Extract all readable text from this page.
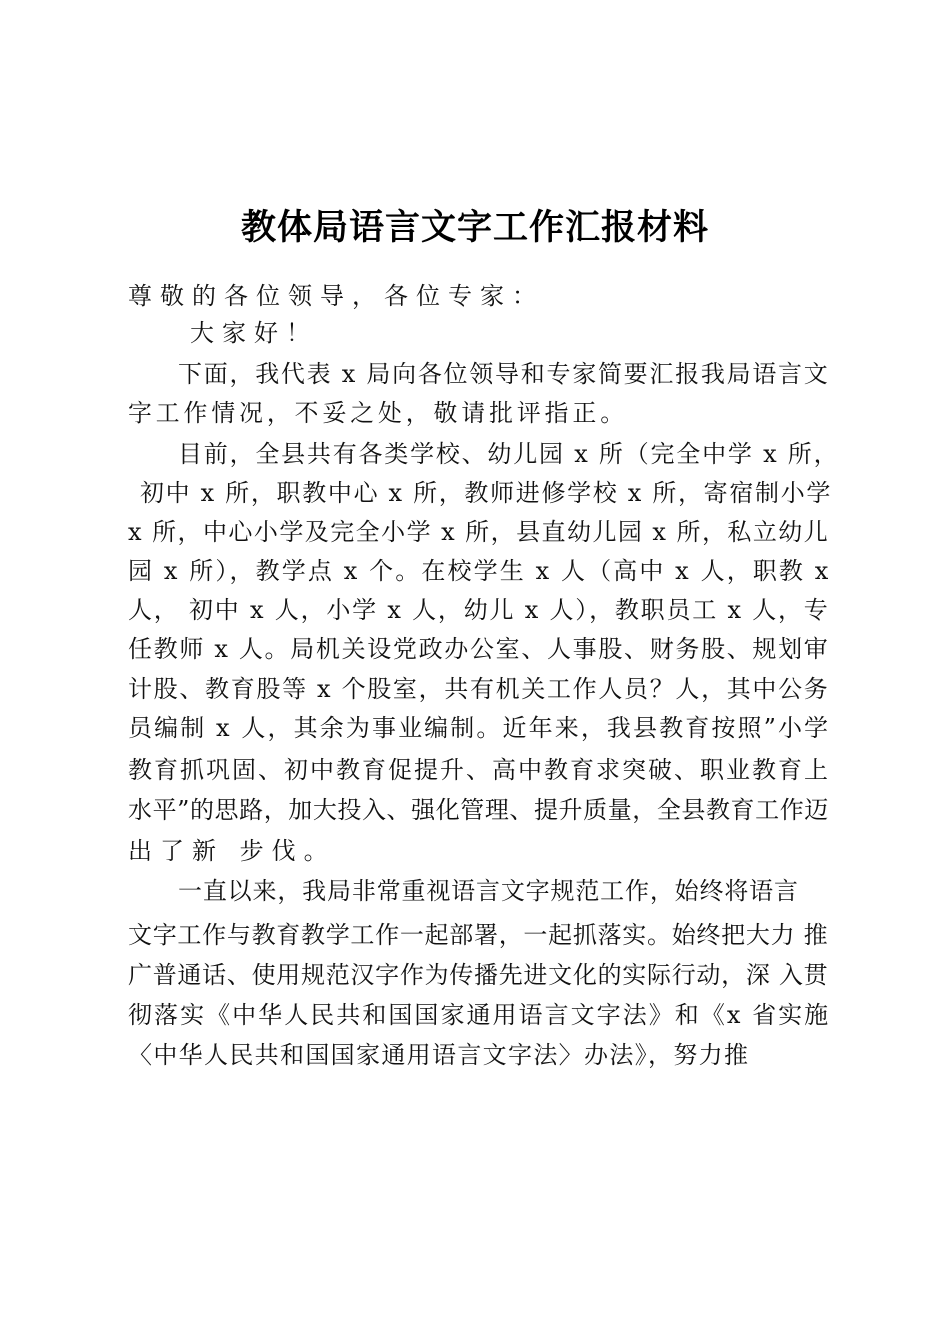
教体局语言文字工作汇报材料
尊敬的各位领导，各位专家：
大家好！
下面，我代表 x 局向各位领导和专家简要汇报我局语言文
字工作情况，不妥之处，敬请批评指正。
目前，全县共有各类学校、幼儿园 x 所（完全中学 x 所，
初中 x 所，职教中心 x 所，教师进修学校 x 所，寄宿制小学
x 所，中心小学及完全小学 x 所，县直幼儿园 x 所，私立幼儿
园 x 所），教学点 x 个。在校学生 x 人（高中 x 人，职教 x
人， 初中 x 人，小学 x 人，幼儿 x 人），教职员工 x 人，专
任教师 x 人。局机关设党政办公室、人事股、财务股、规划审
计股、教育股等 x 个股室，共有机关工作人员？人，其中公务
员编制 x 人，其余为事业编制。近年来，我县教育按照”小学
教育抓巩固、初中教育促提升、高中教育求突破、职业教育上
水平”的思路，加大投入、强化管理、提升质量，全县教育工作迈
出了新 步伐。
一直以来，我局非常重视语言文字规范工作，始终将语言
文字工作与教育教学工作一起部署，一起抓落实。始终把大力 推
广普通话、使用规范汉字作为传播先进文化的实际行动，深 入贯
彻落实《中华人民共和国国家通用语言文字法》和《x 省实施
〈中华人民共和国国家通用语言文字法〉办法》，努力推
